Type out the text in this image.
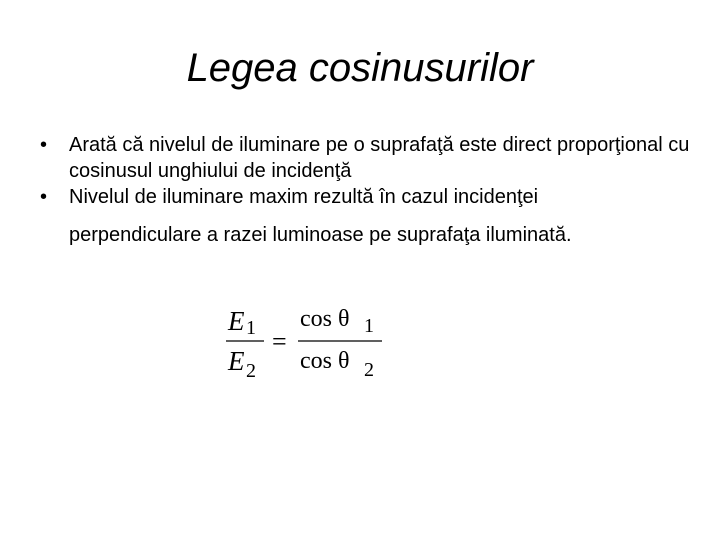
Legea cosinusurilor
• Arată că nivelul de iluminare pe o suprafaţă este direct proporţional cu cosinusul unghiului de incidenţă
• Nivelul de iluminare maxim rezultă în cazul incidenţei
perpendiculare a razei luminoase pe suprafaţa iluminată.
E 1
E 2
=
cos θ 1
cos θ 2
